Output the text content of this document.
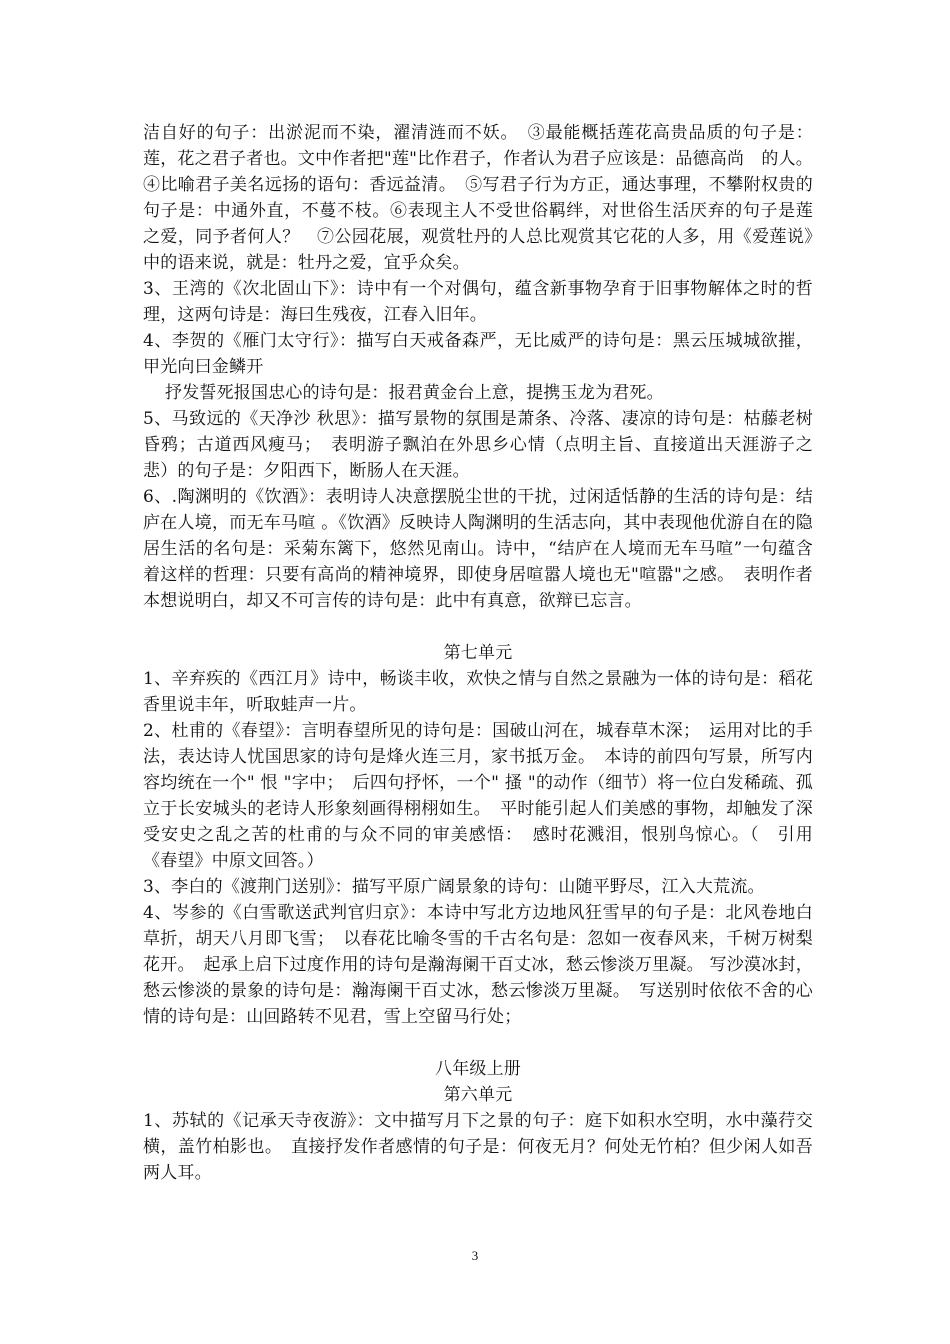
洁自好的句子：出淤泥而不染，濯清涟而不妖。　③最能概括莲花高贵品质的句子是：莲，花之君子者也。文中作者把"莲"比作君子，作者认为君子应该是：品德高尚　的人。④比喻君子美名远扬的语句：香远益清。　⑤写君子行为方正，通达事理，不攀附权贵的句子是：中通外直，不蔓不枝。⑥表现主人不受世俗羁绊，对世俗生活厌弃的句子是莲之爱，同予者何人？　⑦公园花展，观赏牡丹的人总比观赏其它花的人多，用《爱莲说》中的语来说，就是：牡丹之爱，宜乎众矣。

3、王湾的《次北固山下》：诗中有一个对偶句，蕴含新事物孕育于旧事物解体之时的哲理，这两句诗是：海曰生残夜，江春入旧年。

4、李贺的《雁门太守行》：描写白天戒备森严，无比威严的诗句是：黑云压城城欲摧，甲光向曰金鳞开

抒发誓死报国忠心的诗句是：报君黄金台上意，提携玉龙为君死。

5、马致远的《天净沙 秋思》：描写景物的氛围是萧条、冷落、凄凉的诗句是：枯藤老树昏鸦；古道西风瘦马；　表明游子飘泊在外思乡心情（点明主旨、直接道出天涯游子之悲）的句子是：夕阳西下，断肠人在天涯。

6、.陶渊明的《饮酒》：表明诗人决意摆脱尘世的干扰，过闲适恬静的生活的诗句是：结庐在人境，而无车马喧 。《饮酒》反映诗人陶渊明的生活志向，其中表现他优游自在的隐居生活的名句是：采菊东篱下，悠然见南山。诗中，“结庐在人境而无车马喧”一句蕴含着这样的哲理：只要有高尚的精神境界，即使身居喧嚣人境也无"喧嚣"之感。　表明作者本想说明白，却又不可言传的诗句是：此中有真意，欲辩已忘言。

第七单元

1、辛弃疾的《西江月》诗中，畅谈丰收，欢快之情与自然之景融为一体的诗句是：稻花香里说丰年，听取蛙声一片。

2、杜甫的《春望》：言明春望所见的诗句是：国破山河在，城春草木深；　运用对比的手法，表达诗人忧国思家的诗句是烽火连三月，家书抵万金。　本诗的前四句写景，所写内容均统在一个" 恨 "字中；　后四句抒怀，一个" 搔 "的动作（细节）将一位白发稀疏、孤立于长安城头的老诗人形象刻画得栩栩如生。　平时能引起人们美感的事物，却触发了深受安史之乱之苦的杜甫的与众不同的审美感悟：　感时花溅泪，恨别鸟惊心。（　引用《春望》中原文回答。）

3、李白的《渡荆门送别》：描写平原广阔景象的诗句：山随平野尽，江入大荒流。

4、岑参的《白雪歌送武判官归京》：本诗中写北方边地风狂雪早的句子是：北风卷地白草折，胡天八月即飞雪；　以春花比喻冬雪的千古名句是：忽如一夜春风来，千树万树梨花开。　起承上启下过度作用的诗句是瀚海阑干百丈冰，愁云惨淡万里凝。 写沙漠冰封，愁云惨淡的景象的诗句是：瀚海阑干百丈冰，愁云惨淡万里凝。　写送别时依依不舍的心情的诗句是：山回路转不见君，雪上空留马行处；

八年级上册

第六单元

1、苏轼的《记承天寺夜游》：文中描写月下之景的句子：庭下如积水空明，水中藻荇交横，盖竹柏影也。　直接抒发作者感情的句子是：何夜无月？何处无竹柏？但少闲人如吾两人耳。

3
